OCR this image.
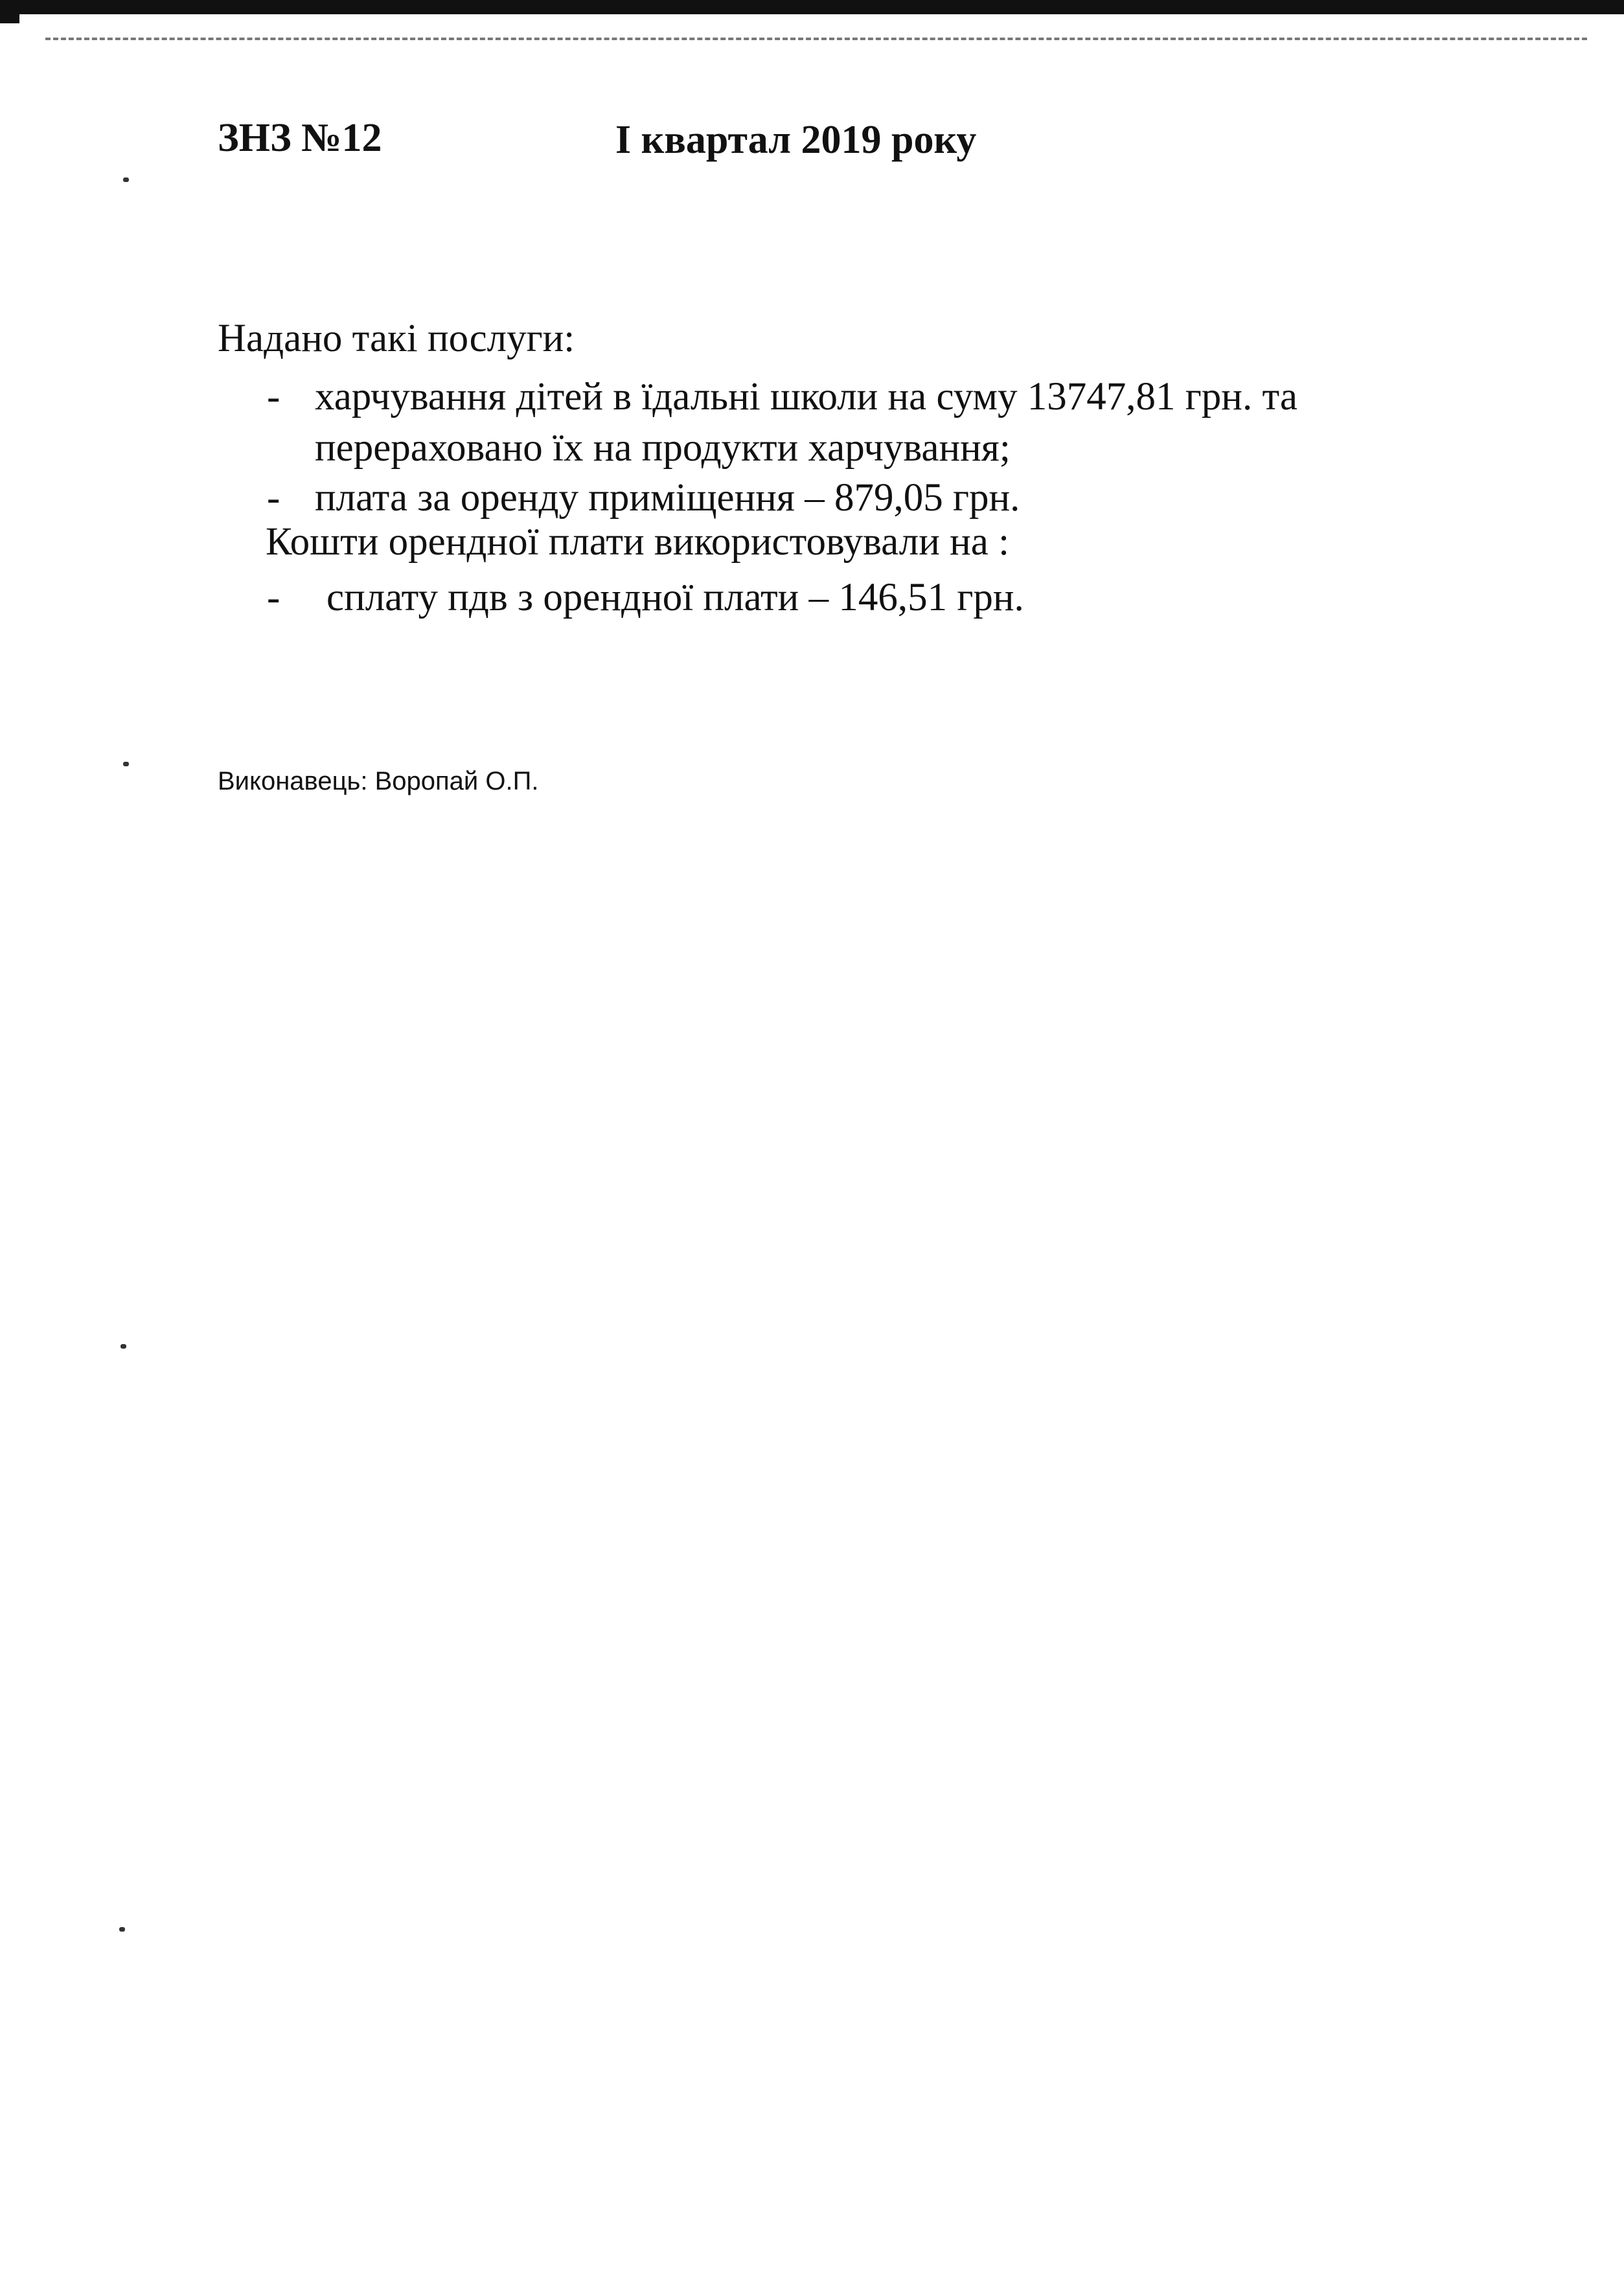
ЗНЗ №12	І квартал 2019 року
Надано такі послуги:
- харчування дітей в їдальні школи на суму 13747,81 грн. та
перераховано їх на продукти харчування;
- плата за оренду приміщення – 879,05 грн.
Кошти орендної плати використовували на :
- сплату пдв з орендної плати – 146,51 грн.
Виконавець: Воропай О.П.
